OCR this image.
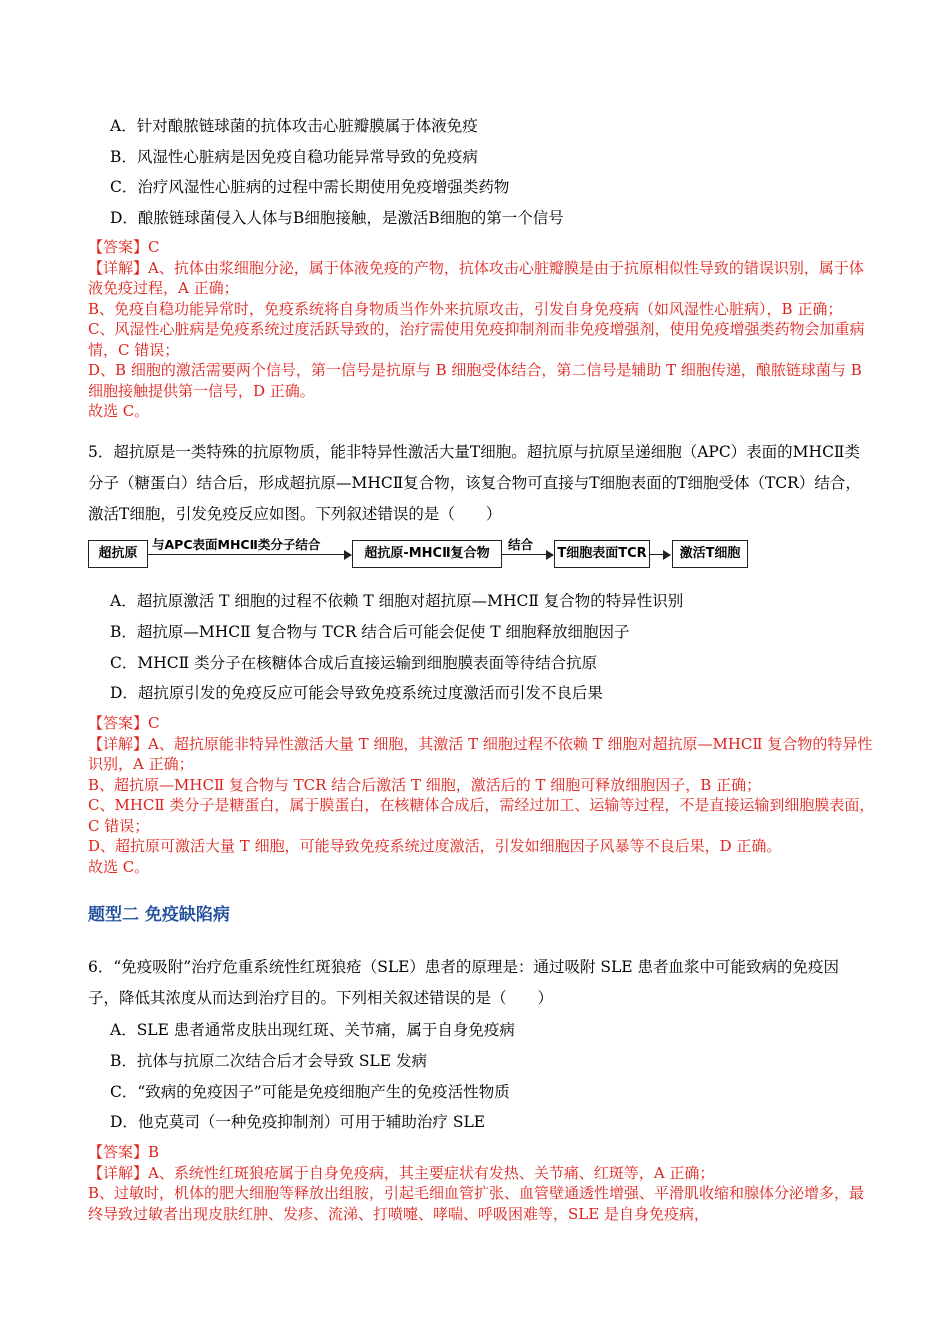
A．针对酿脓链球菌的抗体攻击心脏瓣膜属于体液免疫
B．风湿性心脏病是因免疫自稳功能异常导致的免疫病
C．治疗风湿性心脏病的过程中需长期使用免疫增强类药物
D．酿脓链球菌侵入人体与B细胞接触，是激活B细胞的第一个信号

【答案】C

【详解】A、抗体由浆细胞分泌，属于体液免疫的产物，抗体攻击心脏瓣膜是由于抗原相似性导致的错误识别，属于体液免疫过程，A 正确；

B、免疫自稳功能异常时，免疫系统将自身物质当作外来抗原攻击，引发自身免疫病（如风湿性心脏病），B 正确；

C、风湿性心脏病是免疫系统过度活跃导致的，治疗需使用免疫抑制剂而非免疫增强剂，使用免疫增强类药物会加重病情，C 错误；

D、B 细胞的激活需要两个信号，第一信号是抗原与 B 细胞受体结合，第二信号是辅助 T 细胞传递，酿脓链球菌与 B 细胞接触提供第一信号，D 正确。

故选 C。

5．超抗原是一类特殊的抗原物质，能非特异性激活大量T细胞。超抗原与抗原呈递细胞（APC）表面的MHCⅡ类分子（糖蛋白）结合后，形成超抗原—MHCⅡ复合物，该复合物可直接与T细胞表面的T细胞受体（TCR）结合，激活T细胞，引发免疫反应如图。下列叙述错误的是（　　）
超抗原
与APC表面MHCⅡ类分子结合
超抗原-MHCⅡ复合物
结合
T细胞表面TCR	激活T细胞
A．超抗原激活 T 细胞的过程不依赖 T 细胞对超抗原—MHCⅡ 复合物的特异性识别
B．超抗原—MHCⅡ 复合物与 TCR 结合后可能会促使 T 细胞释放细胞因子
C．MHCⅡ 类分子在核糖体合成后直接运输到细胞膜表面等待结合抗原
D．超抗原引发的免疫反应可能会导致免疫系统过度激活而引发不良后果

【答案】C

【详解】A、超抗原能非特异性激活大量 T 细胞，其激活 T 细胞过程不依赖 T 细胞对超抗原—MHCⅡ 复合物的特异性识别，A 正确；

B、超抗原—MHCⅡ 复合物与 TCR 结合后激活 T 细胞，激活后的 T 细胞可释放细胞因子，B 正确；

C、MHCⅡ 类分子是糖蛋白，属于膜蛋白，在核糖体合成后，需经过加工、运输等过程，不是直接运输到细胞膜表面，C 错误；

D、超抗原可激活大量 T 细胞，可能导致免疫系统过度激活，引发如细胞因子风暴等不良后果，D 正确。

故选 C。

题型二 免疫缺陷病
6．“免疫吸附”治疗危重系统性红斑狼疮（SLE）患者的原理是：通过吸附 SLE 患者血浆中可能致病的免疫因子，降低其浓度从而达到治疗目的。下列相关叙述错误的是（　　）
A．SLE 患者通常皮肤出现红斑、关节痛，属于自身免疫病
B．抗体与抗原二次结合后才会导致 SLE 发病
C．“致病的免疫因子”可能是免疫细胞产生的免疫活性物质
D．他克莫司（一种免疫抑制剂）可用于辅助治疗 SLE

【答案】B

【详解】A、系统性红斑狼疮属于自身免疫病，其主要症状有发热、关节痛、红斑等，A 正确；

B、过敏时，机体的肥大细胞等释放出组胺，引起毛细血管扩张、血管壁通透性增强、平滑肌收缩和腺体分泌增多，最终导致过敏者出现皮肤红肿、发疹、流涕、打喷嚏、哮喘、呼吸困难等，SLE 是自身免疫病，
